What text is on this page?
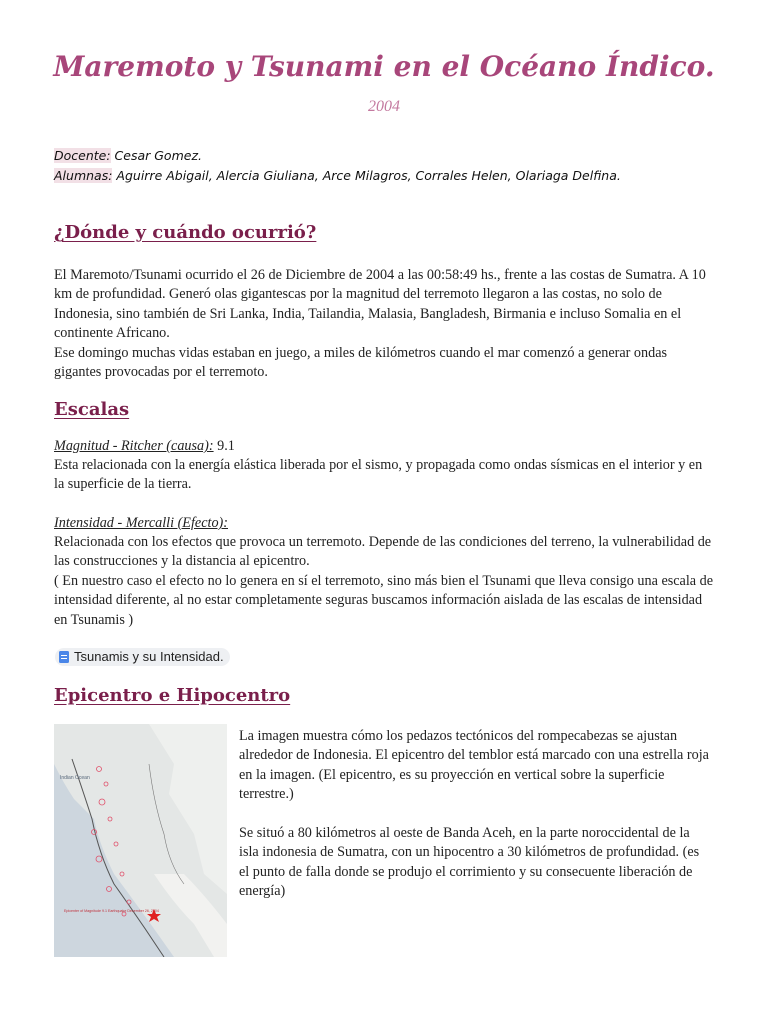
Maremoto y Tsunami en el Océano Índico.
2004
Docente: Cesar Gomez.
Alumnas: Aguirre Abigail, Alercia Giuliana, Arce Milagros, Corrales Helen, Olariaga Delfina.
¿Dónde y cuándo ocurrió?

El Maremoto/Tsunami ocurrido el 26 de Diciembre de 2004 a las 00:58:49 hs., frente a las costas de Sumatra. A 10 km de profundidad. Generó olas gigantescas por la magnitud del terremoto llegaron a las costas, no solo de Indonesia, sino también de Sri Lanka, India, Tailandia, Malasia, Bangladesh, Birmania e incluso Somalia en el continente Africano.

Ese domingo muchas vidas estaban en juego, a miles de kilómetros cuando el mar comenzó a generar ondas gigantes provocadas por el terremoto.

Escalas

Magnitud - Ritcher (causa): 9.1

Esta relacionada con la energía elástica liberada por el sismo, y propagada como ondas sísmicas en el interior y en la superficie de la tierra.

Intensidad - Mercalli (Efecto):

Relacionada con los efectos que provoca un terremoto. Depende de las condiciones del terreno, la vulnerabilidad de las construcciones y la distancia al epicentro.

( En nuestro caso el efecto no lo genera en sí el terremoto, sino más bien el Tsunami que lleva consigo una escala de intensidad diferente, al no estar completamente seguras buscamos información aislada de las escalas de intensidad en Tsunamis )

Tsunamis y su Intensidad.
Epicentro e Hipocentro
Indian Ocean
Epicenter of Magnitude 9.1 Earthquake December 26, 2004

La imagen muestra cómo los pedazos tectónicos del rompecabezas se ajustan alrededor de Indonesia. El epicentro del temblor está marcado con una estrella roja en la imagen. (El epicentro, es su proyección en vertical sobre la superficie terrestre.)

Se situó a 80 kilómetros al oeste de Banda Aceh, en la parte noroccidental de la isla indonesia de Sumatra, con un hipocentro a 30 kilómetros de profundidad. (es el punto de falla donde se produjo el corrimiento y su consecuente liberación de energía)
